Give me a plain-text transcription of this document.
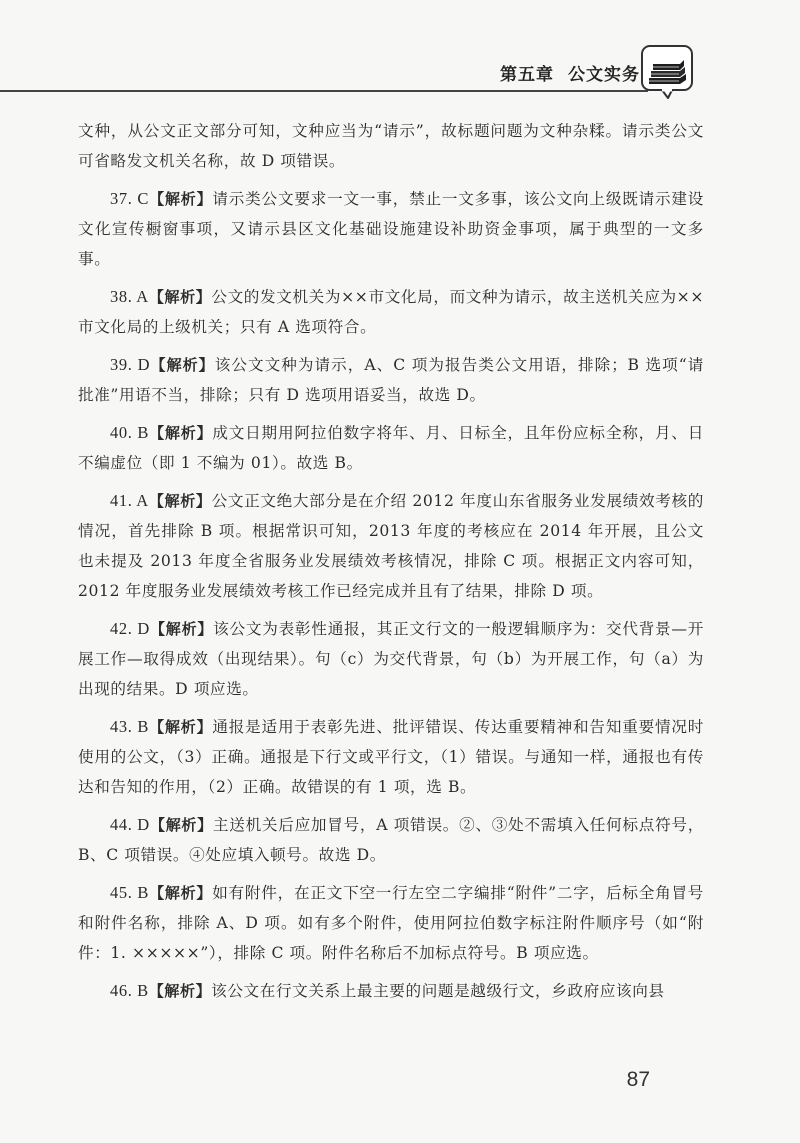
第五章 公文实务

文种，从公文正文部分可知，文种应当为“请示”，故标题问题为文种杂糅。请示类公文可省略发文机关名称，故 D 项错误。

37. C【解析】请示类公文要求一文一事，禁止一文多事，该公文向上级既请示建设文化宣传橱窗事项，又请示县区文化基础设施建设补助资金事项，属于典型的一文多事。

38. A【解析】公文的发文机关为××市文化局，而文种为请示，故主送机关应为××市文化局的上级机关；只有 A 选项符合。

39. D【解析】该公文文种为请示，A、C 项为报告类公文用语，排除；B 选项“请批准”用语不当，排除；只有 D 选项用语妥当，故选 D。

40. B【解析】成文日期用阿拉伯数字将年、月、日标全，且年份应标全称，月、日不编虚位（即 1 不编为 01）。故选 B。

41. A【解析】公文正文绝大部分是在介绍 2012 年度山东省服务业发展绩效考核的情况，首先排除 B 项。根据常识可知，2013 年度的考核应在 2014 年开展，且公文也未提及 2013 年度全省服务业发展绩效考核情况，排除 C 项。根据正文内容可知，2012 年度服务业发展绩效考核工作已经完成并且有了结果，排除 D 项。

42. D【解析】该公文为表彰性通报，其正文行文的一般逻辑顺序为：交代背景—开展工作—取得成效（出现结果）。句（c）为交代背景，句（b）为开展工作，句（a）为出现的结果。D 项应选。

43. B【解析】通报是适用于表彰先进、批评错误、传达重要精神和告知重要情况时使用的公文，（3）正确。通报是下行文或平行文，（1）错误。与通知一样，通报也有传达和告知的作用，（2）正确。故错误的有 1 项，选 B。

44. D【解析】主送机关后应加冒号，A 项错误。②、③处不需填入任何标点符号，B、C 项错误。④处应填入顿号。故选 D。

45. B【解析】如有附件，在正文下空一行左空二字编排“附件”二字，后标全角冒号和附件名称，排除 A、D 项。如有多个附件，使用阿拉伯数字标注附件顺序号（如“附件：1. ×××××”），排除 C 项。附件名称后不加标点符号。B 项应选。

46. B【解析】该公文在行文关系上最主要的问题是越级行文，乡政府应该向县

87
